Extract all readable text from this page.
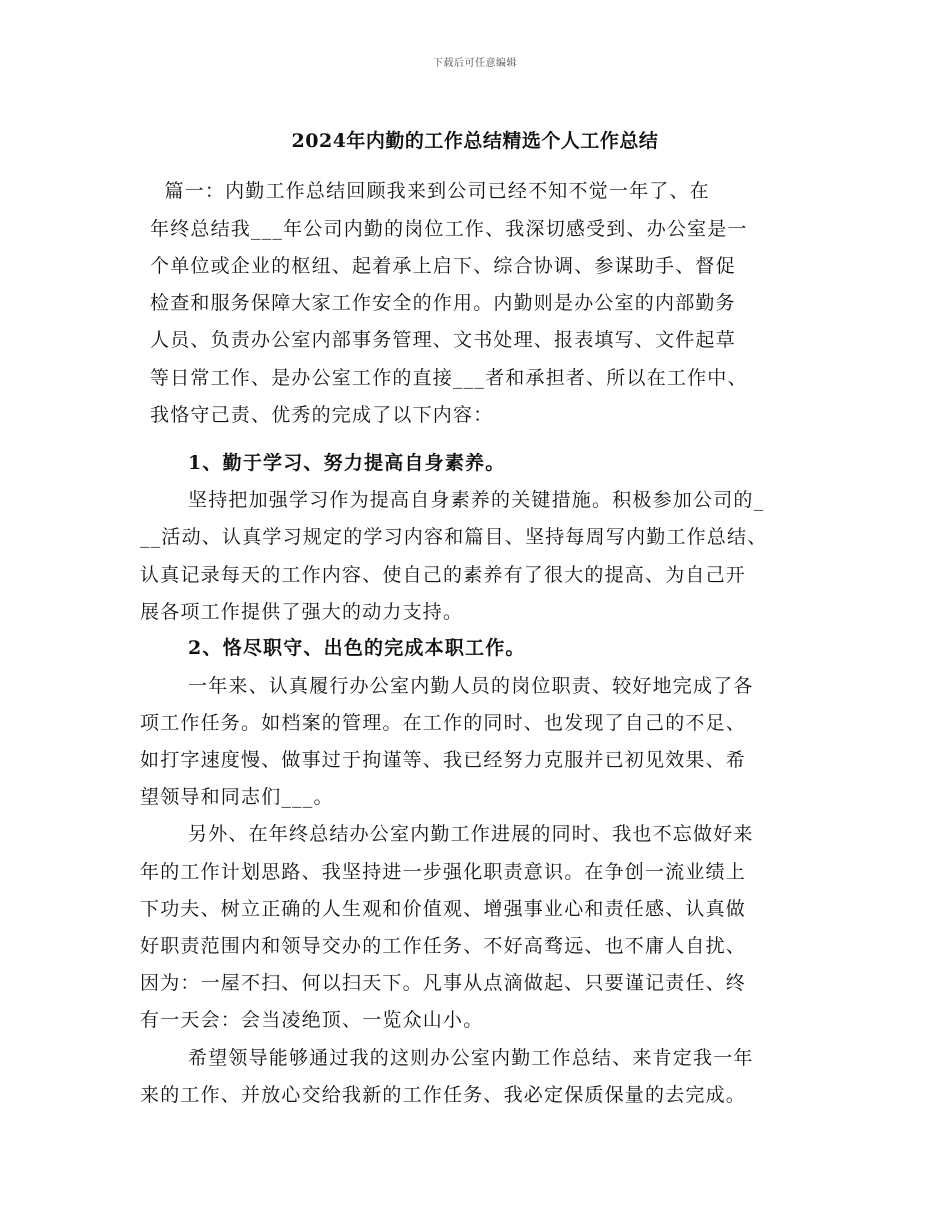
下载后可任意编辑
2024年内勤的工作总结精选个人工作总结
篇一：内勤工作总结回顾我来到公司已经不知不觉一年了、在
年终总结我___年公司内勤的岗位工作、我深切感受到、办公室是一
个单位或企业的枢纽、起着承上启下、综合协调、参谋助手、督促
检查和服务保障大家工作安全的作用。内勤则是办公室的内部勤务
人员、负责办公室内部事务管理、文书处理、报表填写、文件起草
等日常工作、是办公室工作的直接___者和承担者、所以在工作中、
我恪守己责、优秀的完成了以下内容：
1、勤于学习、努力提高自身素养。
坚持把加强学习作为提高自身素养的关键措施。积极参加公司的_
__活动、认真学习规定的学习内容和篇目、坚持每周写内勤工作总结、
认真记录每天的工作内容、使自己的素养有了很大的提高、为自己开
展各项工作提供了强大的动力支持。
2、恪尽职守、出色的完成本职工作。
一年来、认真履行办公室内勤人员的岗位职责、较好地完成了各
项工作任务。如档案的管理。在工作的同时、也发现了自己的不足、
如打字速度慢、做事过于拘谨等、我已经努力克服并已初见效果、希
望领导和同志们___。
另外、在年终总结办公室内勤工作进展的同时、我也不忘做好来
年的工作计划思路、我坚持进一步强化职责意识。在争创一流业绩上
下功夫、树立正确的人生观和价值观、增强事业心和责任感、认真做
好职责范围内和领导交办的工作任务、不好高骛远、也不庸人自扰、
因为：一屋不扫、何以扫天下。凡事从点滴做起、只要谨记责任、终
有一天会：会当凌绝顶、一览众山小。
希望领导能够通过我的这则办公室内勤工作总结、来肯定我一年
来的工作、并放心交给我新的工作任务、我必定保质保量的去完成。
